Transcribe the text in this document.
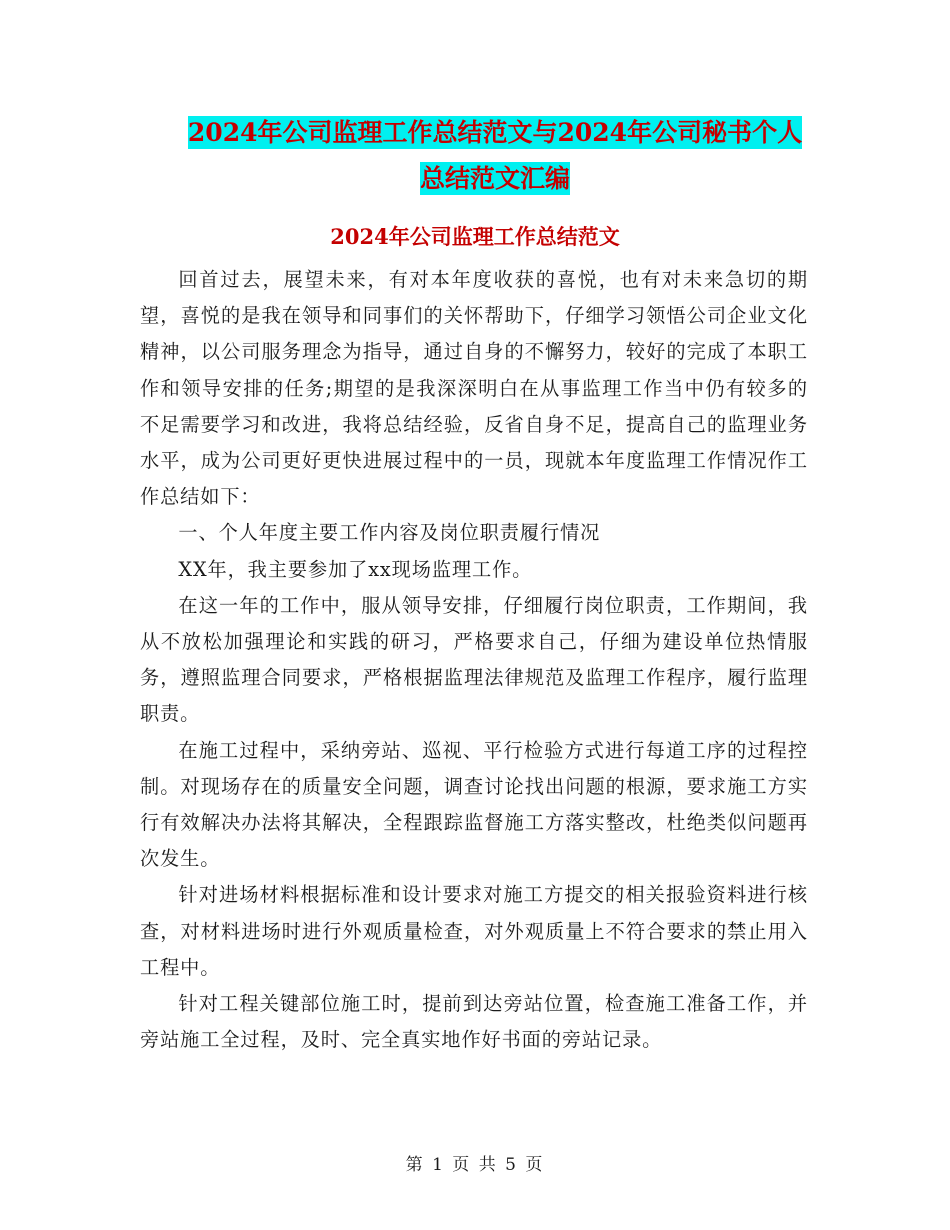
2024年公司监理工作总结范文与2024年公司秘书个人
总结范文汇编
2024年公司监理工作总结范文

回首过去，展望未来，有对本年度收获的喜悦，也有对未来急切的期望，喜悦的是我在领导和同事们的关怀帮助下，仔细学习领悟公司企业文化精神，以公司服务理念为指导，通过自身的不懈努力，较好的完成了本职工作和领导安排的任务;期望的是我深深明白在从事监理工作当中仍有较多的不足需要学习和改进，我将总结经验，反省自身不足，提高自己的监理业务水平，成为公司更好更快进展过程中的一员，现就本年度监理工作情况作工作总结如下：

一、个人年度主要工作内容及岗位职责履行情况

XX年，我主要参加了xx现场监理工作。

在这一年的工作中，服从领导安排，仔细履行岗位职责，工作期间，我从不放松加强理论和实践的研习，严格要求自己，仔细为建设单位热情服务，遵照监理合同要求，严格根据监理法律规范及监理工作程序，履行监理职责。

在施工过程中，采纳旁站、巡视、平行检验方式进行每道工序的过程控制。对现场存在的质量安全问题，调查讨论找出问题的根源，要求施工方实行有效解决办法将其解决，全程跟踪监督施工方落实整改，杜绝类似问题再次发生。

针对进场材料根据标准和设计要求对施工方提交的相关报验资料进行核查，对材料进场时进行外观质量检查，对外观质量上不符合要求的禁止用入工程中。

针对工程关键部位施工时，提前到达旁站位置，检查施工准备工作，并旁站施工全过程，及时、完全真实地作好书面的旁站记录。

第 1 页 共 5 页
